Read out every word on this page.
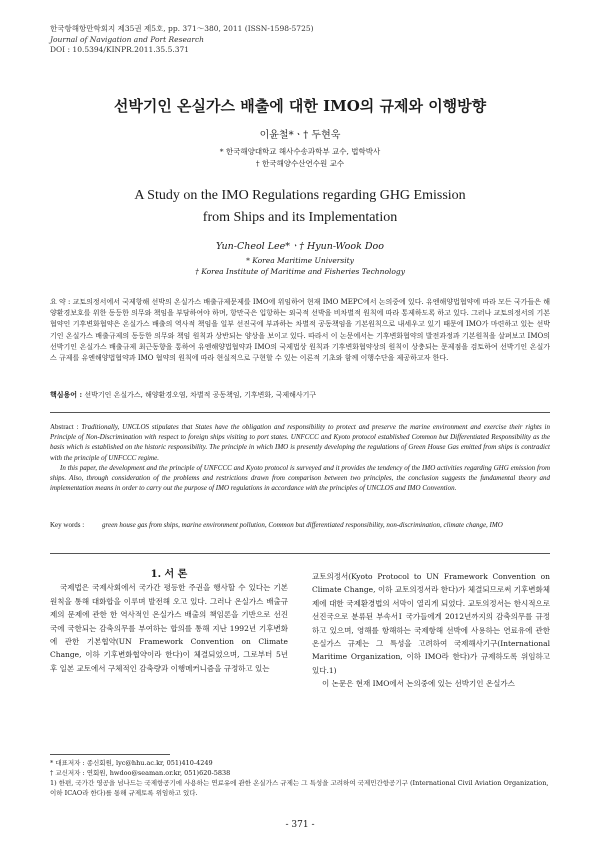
한국항해항만학회지 제35권 제5호, pp. 371～380, 2011 (ISSN-1598-5725)
Journal of Navigation and Port Research
DOI : 10.5394/KINPR.2011.35.5.371
선박기인 온실가스 배출에 대한 IMO의 규제와 이행방향
이윤철*ㆍ† 두현욱
* 한국해양대학교 해사수송과학부 교수, 법학박사
† 한국해양수산연수원 교수
A Study on the IMO Regulations regarding GHG Emission
from Ships and its Implementation
Yun-Cheol Lee*ㆍ† Hyun-Wook Doo
* Korea Maritime University
† Korea Institute of Maritime and Fisheries Technology
요 약 : 교토의정서에서 국제항해 선박의 온실가스 배출규제문제를 IMO에 위임하여 현재 IMO MEPC에서 논의중에 있다. 유엔해양법협약에 따라 모든 국가들은 해양환경보호를 위한 동등한 의무와 책임을 부담하여야 하며, 항만국은 입항하는 외국적 선박을 비차별적 원칙에 따라 통제하도록 하고 있다. 그러나 교토의정서의 기본협약인 기후변화협약은 온실가스 배출의 역사적 책임을 일부 선진국에 부과하는 차별적 공동책임을 기본원칙으로 내세우고 있기 때문에 IMO가 마련하고 있는 선박기인 온실가스 배출규제의 동등한 의무와 책임 원칙과 상반되는 양상을 보이고 있다. 따라서 이 논문에서는 기후변화협약의 발전과정과 기본원칙을 살펴보고 IMO의 선박기인 온실가스 배출규제 최근동향을 통하여 유엔해양법협약과 IMO의 국제법상 원칙과 기후변화협약상의 원칙이 상충되는 문제점을 검토하여 선박기인 온실가스 규제를 유엔해양법협약과 IMO 협약의 원칙에 따라 현실적으로 구현할 수 있는 이론적 기초와 함께 이행수단을 제공하고자 한다.
핵심용어 : 선박기인 온실가스, 해양환경오염, 차별적 공동책임, 기후변화, 국제해사기구

Abstract : Traditionally, UNCLOS stipulates that States have the obligation and responsibility to protect and preserve the marine environment and exercise their rights in Principle of Non-Discrimination with respect to foreign ships visiting to port states. UNFCCC and Kyoto protocol established Common but Differentiated Responsibility as the basis which is established on the historic responsibility. The principle in which IMO is presently developing the regulations of Green House Gas emitted from ships is contradict with the principle of UNFCCC regime.

In this paper, the development and the principle of UNFCCC and Kyoto protocol is surveyed and it provides the tendency of the IMO activities regarding GHG emission from ships. Also, through consideration of the problems and restrictions drawn from comparison between two principles, the conclusion suggests the fundamental theory and implementation means in order to carry out the purpose of IMO regulations in accordance with the principles of UNCLOS and IMO Convention.

Key words :	green house gas from ships, marine environment pollution, Common but differentiated responsibility, non-discrimination, climate change, IMO

1. 서 론

국제법은 국제사회에서 국가간 평등한 주권을 행사할 수 있다는 기본원칙을 통해 대화합을 이루며 발전해 오고 있다. 그러나 온실가스 배출규제의 문제에 관한 한 역사적인 온실가스 배출의 책임론을 기반으로 선진국에 국한되는 감축의무를 부여하는 합의를 통해 지난 1992년 기후변화에 관한 기본협약(UN Framework Convention on Climate Change, 이하 기후변화협약이라 한다)이 체결되었으며, 그로부터 5년 후 일본 교토에서 구체적인 감축량과 이행메커니즘을 규정하고 있는

교토의정서(Kyoto Protocol to UN Framework Convention on Climate Change, 이하 교토의정서라 한다)가 체결되므로써 기후변화체제에 대한 국제환경법의 서막이 열리게 되었다. 교토의정서는 한시적으로 선진국으로 분류된 부속서Ⅰ 국가들에게 2012년까지의 감축의무를 규정하고 있으며, 영해를 항해하는 국제항해 선박에 사용하는 연료유에 관한 온실가스 규제는 그 특성을 고려하여 국제해사기구(International Maritime Organization, 이하 IMO라 한다)가 규제하도록 위임하고 있다.1)

이 논문은 현재 IMO에서 논의중에 있는 선박기인 온실가스

* 대표저자 : 종신회원, lyc@hhu.ac.kr, 051)410-4249
† 교신저자 : 연회원, hwdoo@seaman.or.kr, 051)620-5838
1) 한편, 국가간 영공을 넘나드는 국제항공기에 사용하는 연료유에 관한 온실가스 규제는 그 특성을 고려하여 국제민간항공기구 (International Civil Aviation Organization, 이하 ICAO라 한다)를 통해 규제토록 위임하고 있다.
- 371 -
